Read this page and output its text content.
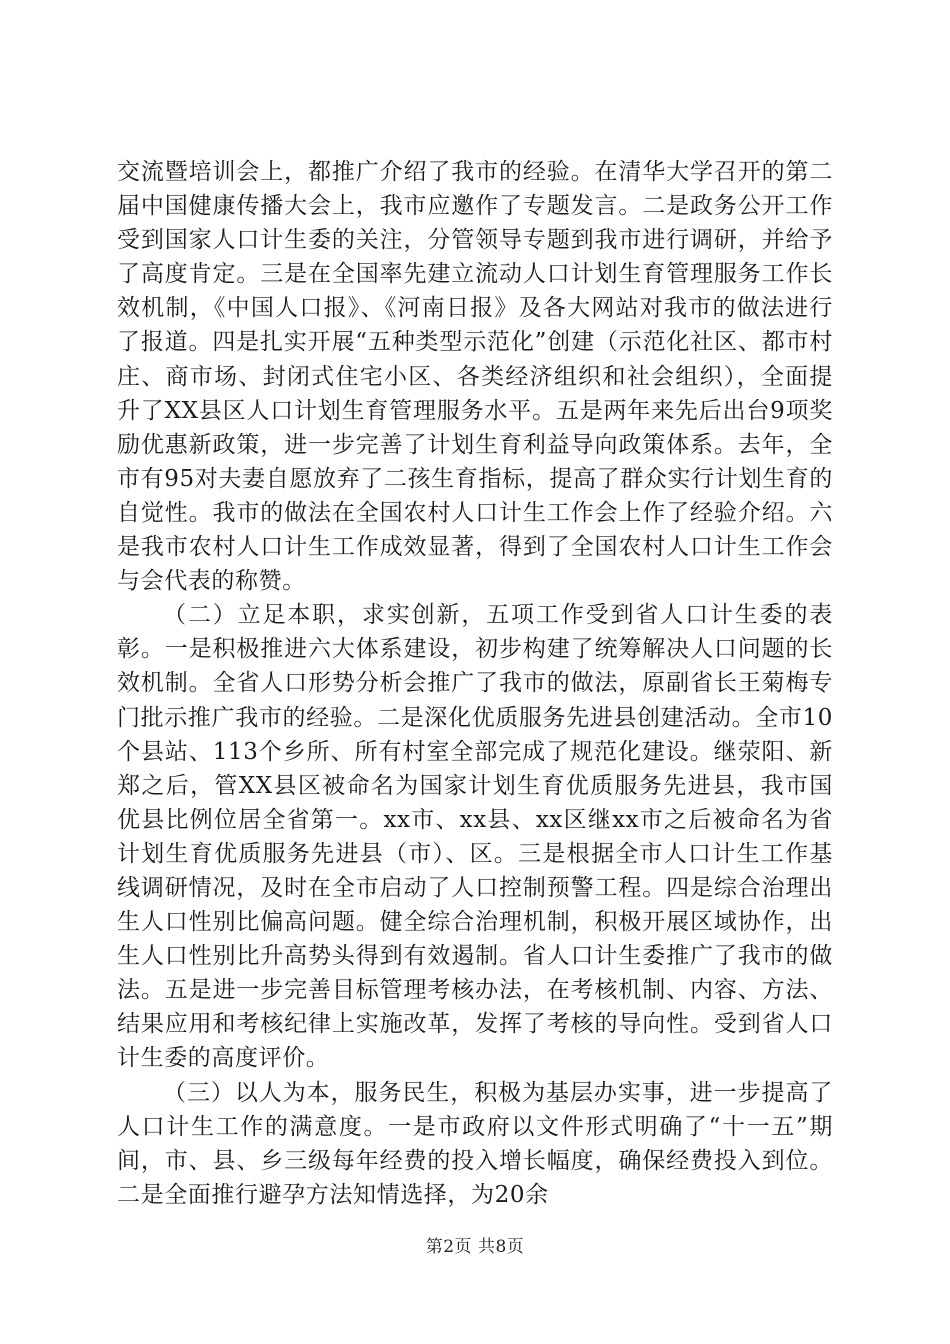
交流暨培训会上，都推广介绍了我市的经验。在清华大学召开的第二届中国健康传播大会上，我市应邀作了专题发言。二是政务公开工作受到国家人口计生委的关注，分管领导专题到我市进行调研，并给予了高度肯定。三是在全国率先建立流动人口计划生育管理服务工作长效机制，《中国人口报》、《河南日报》及各大网站对我市的做法进行了报道。四是扎实开展“五种类型示范化”创建（示范化社区、都市村庄、商市场、封闭式住宅小区、各类经济组织和社会组织），全面提升了XX县区人口计划生育管理服务水平。五是两年来先后出台9项奖励优惠新政策，进一步完善了计划生育利益导向政策体系。去年，全市有95对夫妻自愿放弃了二孩生育指标，提高了群众实行计划生育的自觉性。我市的做法在全国农村人口计生工作会上作了经验介绍。六是我市农村人口计生工作成效显著，得到了全国农村人口计生工作会与会代表的称赞。

（二）立足本职，求实创新，五项工作受到省人口计生委的表彰。一是积极推进六大体系建设，初步构建了统筹解决人口问题的长效机制。全省人口形势分析会推广了我市的做法，原副省长王菊梅专门批示推广我市的经验。二是深化优质服务先进县创建活动。全市10个县站、113个乡所、所有村室全部完成了规范化建设。继荥阳、新郑之后，管XX县区被命名为国家计划生育优质服务先进县，我市国优县比例位居全省第一。xx市、xx县、xx区继xx市之后被命名为省计划生育优质服务先进县（市）、区。三是根据全市人口计生工作基线调研情况，及时在全市启动了人口控制预警工程。四是综合治理出生人口性别比偏高问题。健全综合治理机制，积极开展区域协作，出生人口性别比升高势头得到有效遏制。省人口计生委推广了我市的做法。五是进一步完善目标管理考核办法，在考核机制、内容、方法、结果应用和考核纪律上实施改革，发挥了考核的导向性。受到省人口计生委的高度评价。

（三）以人为本，服务民生，积极为基层办实事，进一步提高了人口计生工作的满意度。一是市政府以文件形式明确了“十一五”期间，市、县、乡三级每年经费的投入增长幅度，确保经费投入到位。二是全面推行避孕方法知情选择，为20余

第2页 共8页
